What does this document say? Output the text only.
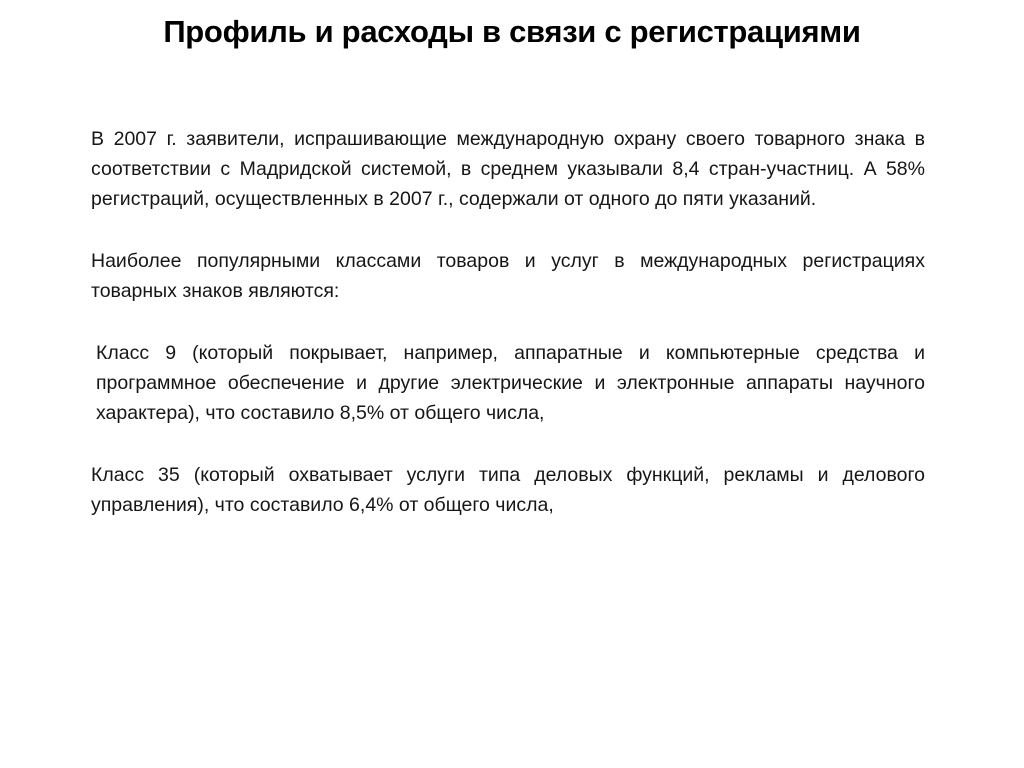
Профиль и расходы в связи с регистрациями

В 2007 г. заявители, испрашивающие международную охрану своего товарного знака в соответствии с Мадридской системой, в среднем указывали 8,4 стран-участниц. А 58% регистраций, осуществленных в 2007 г., содержали от одного до пяти указаний.

Наиболее популярными классами товаров и услуг в международных регистрациях товарных знаков являются:

Класс 9 (который покрывает, например, аппаратные и компьютерные средства и программное обеспечение и другие электрические и электронные аппараты научного характера), что составило 8,5% от общего числа,

Класс 35 (который охватывает услуги типа деловых функций, рекламы и делового управления), что составило 6,4% от общего числа,
